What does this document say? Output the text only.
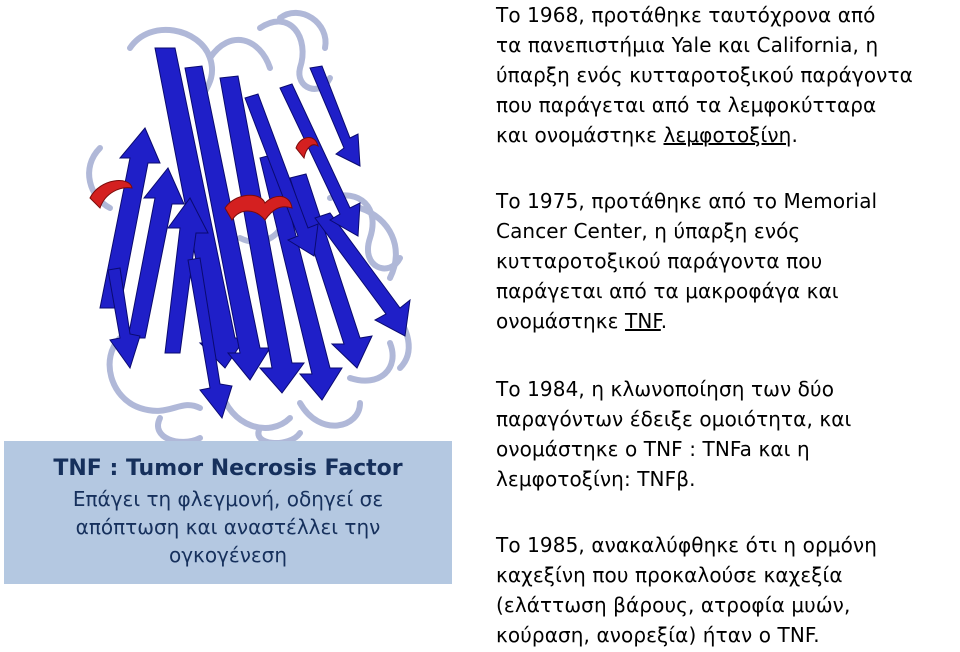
TNF : Tumor Necrosis Factor
Επάγει τη φλεγμονή, οδηγεί σε
απόπτωση και αναστέλλει την
ογκογένεση

Το 1968, προτάθηκε ταυτόχρονα από

τα πανεπιστήμια Yale και California, η

ύπαρξη ενός κυτταροτοξικού παράγοντα

που παράγεται από τα λεμφοκύτταρα

και ονομάστηκε λεμφοτοξίνη.

Το 1975, προτάθηκε από το Memorial

Cancer Center, η ύπαρξη ενός

κυτταροτοξικού παράγοντα που

παράγεται από τα μακροφάγα και

ονομάστηκε TNF.

Το 1984, η κλωνοποίηση των δύο

παραγόντων έδειξε ομοιότητα, και

ονομάστηκε ο TNF : TNFa και η

λεμφοτοξίνη: TNFβ.

Το 1985, ανακαλύφθηκε ότι η ορμόνη

καχεξίνη που προκαλούσε καχεξία

(ελάττωση βάρους, ατροφία μυών,

κούραση, ανορεξία) ήταν ο TNF.
